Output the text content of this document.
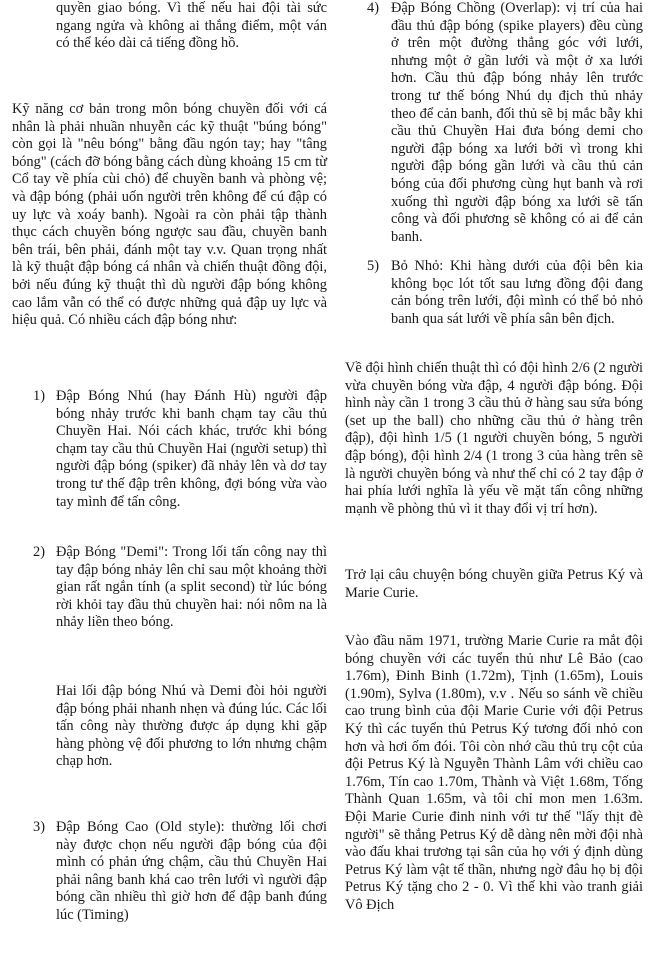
quyền giao bóng. Vì thế nếu hai đội tài sức ngang ngửa và không ai thắng điểm, một ván có thể kéo dài cả tiếng đồng hồ.

Kỹ năng cơ bản trong môn bóng chuyền đối với cá nhân là phải nhuần nhuyễn các kỹ thuật "búng bóng" còn gọi là "nêu bóng" bằng đầu ngón tay; hay "tâng bóng" (cách đỡ bóng bằng cách dùng khoảng 15 cm từ Cổ tay về phía cùi chỏ) để chuyền banh và phòng vệ; và đập bóng (phải uốn người trên không để cú đập có uy lực và xoáy banh). Ngoài ra còn phải tập thành thục cách chuyền bóng ngược sau đầu, chuyền banh bên trái, bên phải, đánh một tay v.v. Quan trọng nhất là kỹ thuật đập bóng cá nhân và chiến thuật đồng đội, bởi nếu đúng kỹ thuật thì dù người đập bóng không cao lắm vẫn có thể có được những quả đập uy lực và hiệu quả. Có nhiều cách đập bóng như:

1) Đập Bóng Nhú (hay Đánh Hù) người đập bóng nhảy trước khi banh chạm tay cầu thủ Chuyền Hai. Nói cách khác, trước khi bóng chạm tay cầu thủ Chuyền Hai (người setup) thì người đập bóng (spiker) đã nhảy lên và dơ tay trong tư thế đập trên không, đợi bóng vừa vào tay mình để tấn công.

2) Đập Bóng "Demi": Trong lối tấn công nay thì tay đập bóng nhảy lên chỉ sau một khoảng thời gian rất ngắn tính (a split second) từ lúc bóng rời khỏi tay đầu thủ chuyền hai: nói nôm na là nhảy liền theo bóng.

Hai lối đập bóng Nhú và Demi đòi hỏi người đập bóng phải nhanh nhẹn và đúng lúc. Các lối tấn công này thường được áp dụng khi gặp hàng phòng vệ đối phương to lớn nhưng chậm chạp hơn.

3) Đập Bóng Cao (Old style): thường lối chơi này được chọn nếu người đập bóng của đội mình có phản ứng chậm, cầu thủ Chuyền Hai phải nâng banh khá cao trên lưới vì người đập bóng cần nhiều thì giờ hơn để đập banh đúng lúc (Timing)

4) Đập Bóng Chồng (Overlap): vị trí của hai đầu thủ đập bóng (spike players) đều cùng ở trên một đường thẳng góc với lưới, nhưng một ở gần lưới và một ở xa lưới hơn. Cầu thủ đập bóng nhảy lên trước trong tư thế bóng Nhú dụ địch thủ nhảy theo để cản banh, đối thủ sẽ bị mắc bẫy khi cầu thủ Chuyền Hai đưa bóng demi cho người đập bóng xa lưới bởi vì trong khi người đập bóng gần lưới và cầu thủ cản bóng của đối phương cùng hụt banh và rơi xuống thì người đập bóng xa lưới sẽ tấn công và đối phương sẽ không có ai để cản banh.

5) Bỏ Nhỏ: Khi hàng dưới của đội bên kia không bọc lót tốt sau lưng đồng đội đang cản bóng trên lưới, đội mình có thể bỏ nhỏ banh qua sát lưới về phía sân bên địch.

Về đội hình chiến thuật thì có đội hình 2/6 (2 người vừa chuyền bóng vừa đập, 4 người đập bóng. Đội hình này cần 1 trong 3 cầu thủ ở hàng sau sửa bóng (set up the ball) cho những cầu thủ ở hàng trên đập), đội hình 1/5 (1 người chuyền bóng, 5 người đập bóng), đội hình 2/4 (1 trong 3 của hàng trên sẽ là người chuyền bóng và như thế chỉ có 2 tay đập ở hai phía lưới nghĩa là yếu về mặt tấn công những mạnh về phòng thủ vì it thay đổi vị trí hơn).

Trở lại câu chuyện bóng chuyền giữa Petrus Ký và Marie Curie.

Vào đầu năm 1971, trường Marie Curie ra mắt đội bóng chuyền với các tuyển thủ như Lê Bảo (cao 1.76m), Đinh Binh (1.72m), Tịnh (1.65m), Louis (1.90m), Sylva (1.80m), v.v . Nếu so sánh về chiều cao trung bình của đội Marie Curie với đội Petrus Ký thì các tuyển thủ Petrus Ký tương đối nhỏ con hơn và hơi ốm đói. Tôi còn nhớ cầu thủ trụ cột của đội Petrus Ký là Nguyễn Thành Lâm với chiều cao 1.76m, Tín cao 1.70m, Thành và Việt 1.68m, Tống Thành Quan 1.65m, và tôi chỉ mon men 1.63m. Đội Marie Curie đinh ninh với tư thế "lấy thịt đè người" sẽ thắng Petrus Ký dễ dàng nên mời đội nhà vào đấu khai trương tại sân của họ với ý định dùng Petrus Ký làm vật tế thần, nhưng ngờ đâu họ bị đội Petrus Ký tặng cho 2 - 0. Vì thế khi vào tranh giải Vô Địch
